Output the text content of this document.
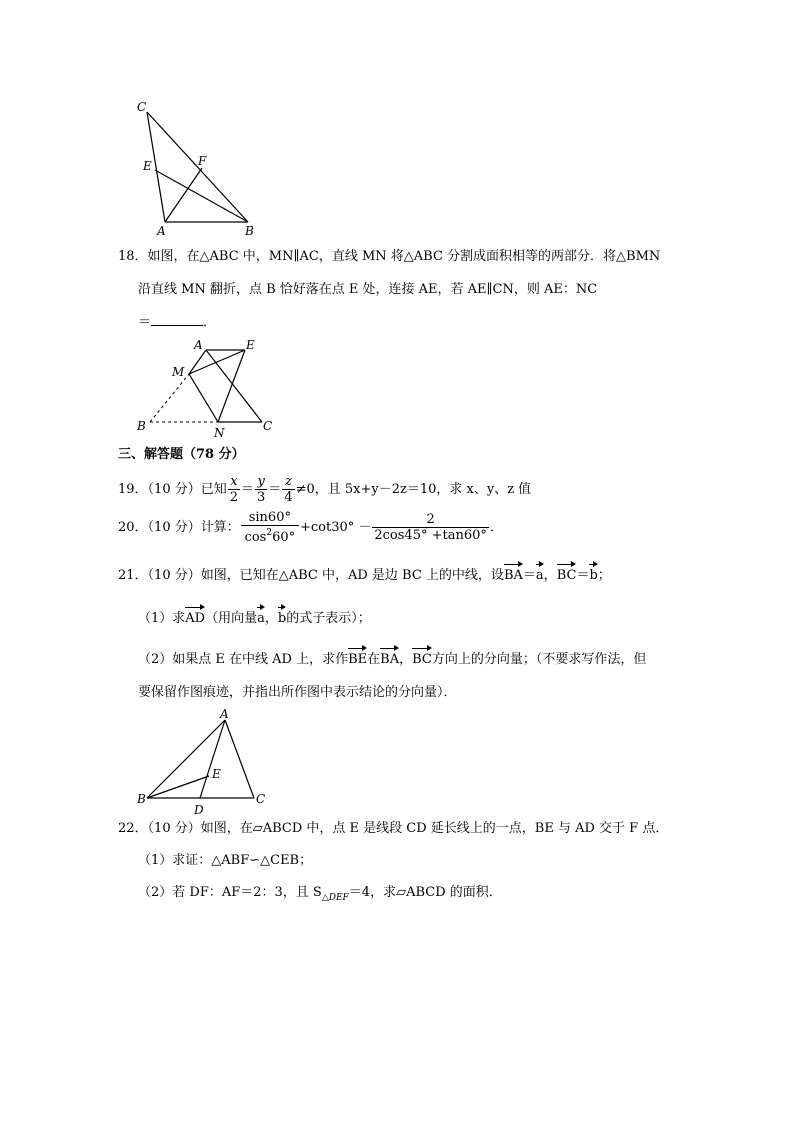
C
E	F
A	B
18．如图，在△ABC 中，MN∥AC，直线 MN 将△ABC 分割成面积相等的两部分．将△BMN
沿直线 MN 翻折，点 B 恰好落在点 E 处，连接 AE，若 AE∥CN，则 AE：NC
＝	．
A	E
M
B	N	C
三、解答题（78 分）
19．（10 分）已知 $\frac{x}{2} = \frac{y}{3} = \frac{z}{4} \ne 0$，且 5x+y－2z＝10，求 x、y、z 值
20．（10 分）计算： $\frac{\sin 60^\circ}{\cos^260^\circ} +\cot 30^\circ - \frac{2}{2\cos 45^\circ +\tan 60^\circ}$ ．
21．（10 分）如图，已知在△ABC 中，AD 是边 BC 上的中线，设BA＝a，BC＝b；
（1）求AD（用向量a，b的式子表示）；
（2）如果点 E 在中线 AD 上，求作BE在BA，BC方向上的分向量；（不要求写作法，但
要保留作图痕迹，并指出所作图中表示结论的分向量）．
A
E
B
D
C
22．（10 分）如图，在▱ABCD 中，点 E 是线段 CD 延长线上的一点，BE 与 AD 交于 F 点．
（1）求证：△ABF∽△CEB；
（2）若 DF：AF＝2：3，且 $S_{\triangle DEF}=4$，求▱ABCD 的面积．
